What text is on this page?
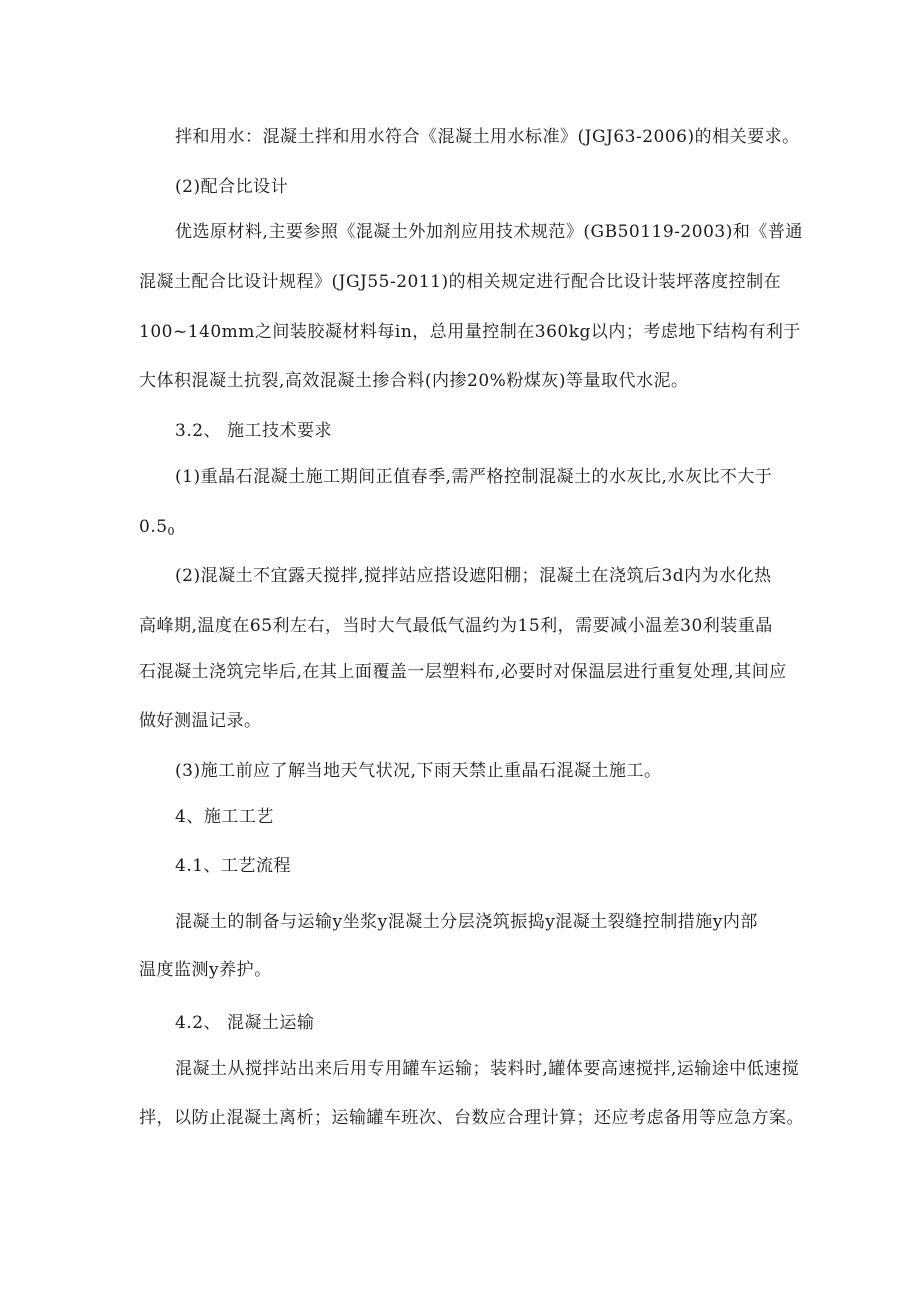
拌和用水：混凝土拌和用水符合《混凝土用水标准》(JGJ63-2006)的相关要求。
(2)配合比设计
优选原材料,主要参照《混凝土外加剂应用技术规范》(GB50119-2003)和《普通
混凝土配合比设计规程》(JGJ55-2011)的相关规定进行配合比设计装坪落度控制在
100~140mm之间装胶凝材料每in，总用量控制在360kg以内；考虑地下结构有利于
大体积混凝土抗裂,高效混凝土掺合料(内掺20%粉煤灰)等量取代水泥。
3.2、 施工技术要求
(1)重晶石混凝土施工期间正值春季,需严格控制混凝土的水灰比,水灰比不大于
$0.5_0$
(2)混凝土不宜露天搅拌,搅拌站应搭设遮阳棚；混凝土在浇筑后3d内为水化热
高峰期,温度在65利左右，当时大气最低气温约为15利，需要减小温差30利装重晶
石混凝土浇筑完毕后,在其上面覆盖一层塑料布,必要时对保温层进行重复处理,其间应
做好测温记录。
(3)施工前应了解当地天气状况,下雨天禁止重晶石混凝土施工。
4、施工工艺
4.1、工艺流程
混凝土的制备与运输y坐浆y混凝土分层浇筑振捣y混凝土裂缝控制措施y内部
温度监测y养护。
4.2、 混凝土运输
混凝土从搅拌站出来后用专用罐车运输；装料时,罐体要高速搅拌,运输途中低速搅
拌，以防止混凝土离析；运输罐车班次、台数应合理计算；还应考虑备用等应急方案。
